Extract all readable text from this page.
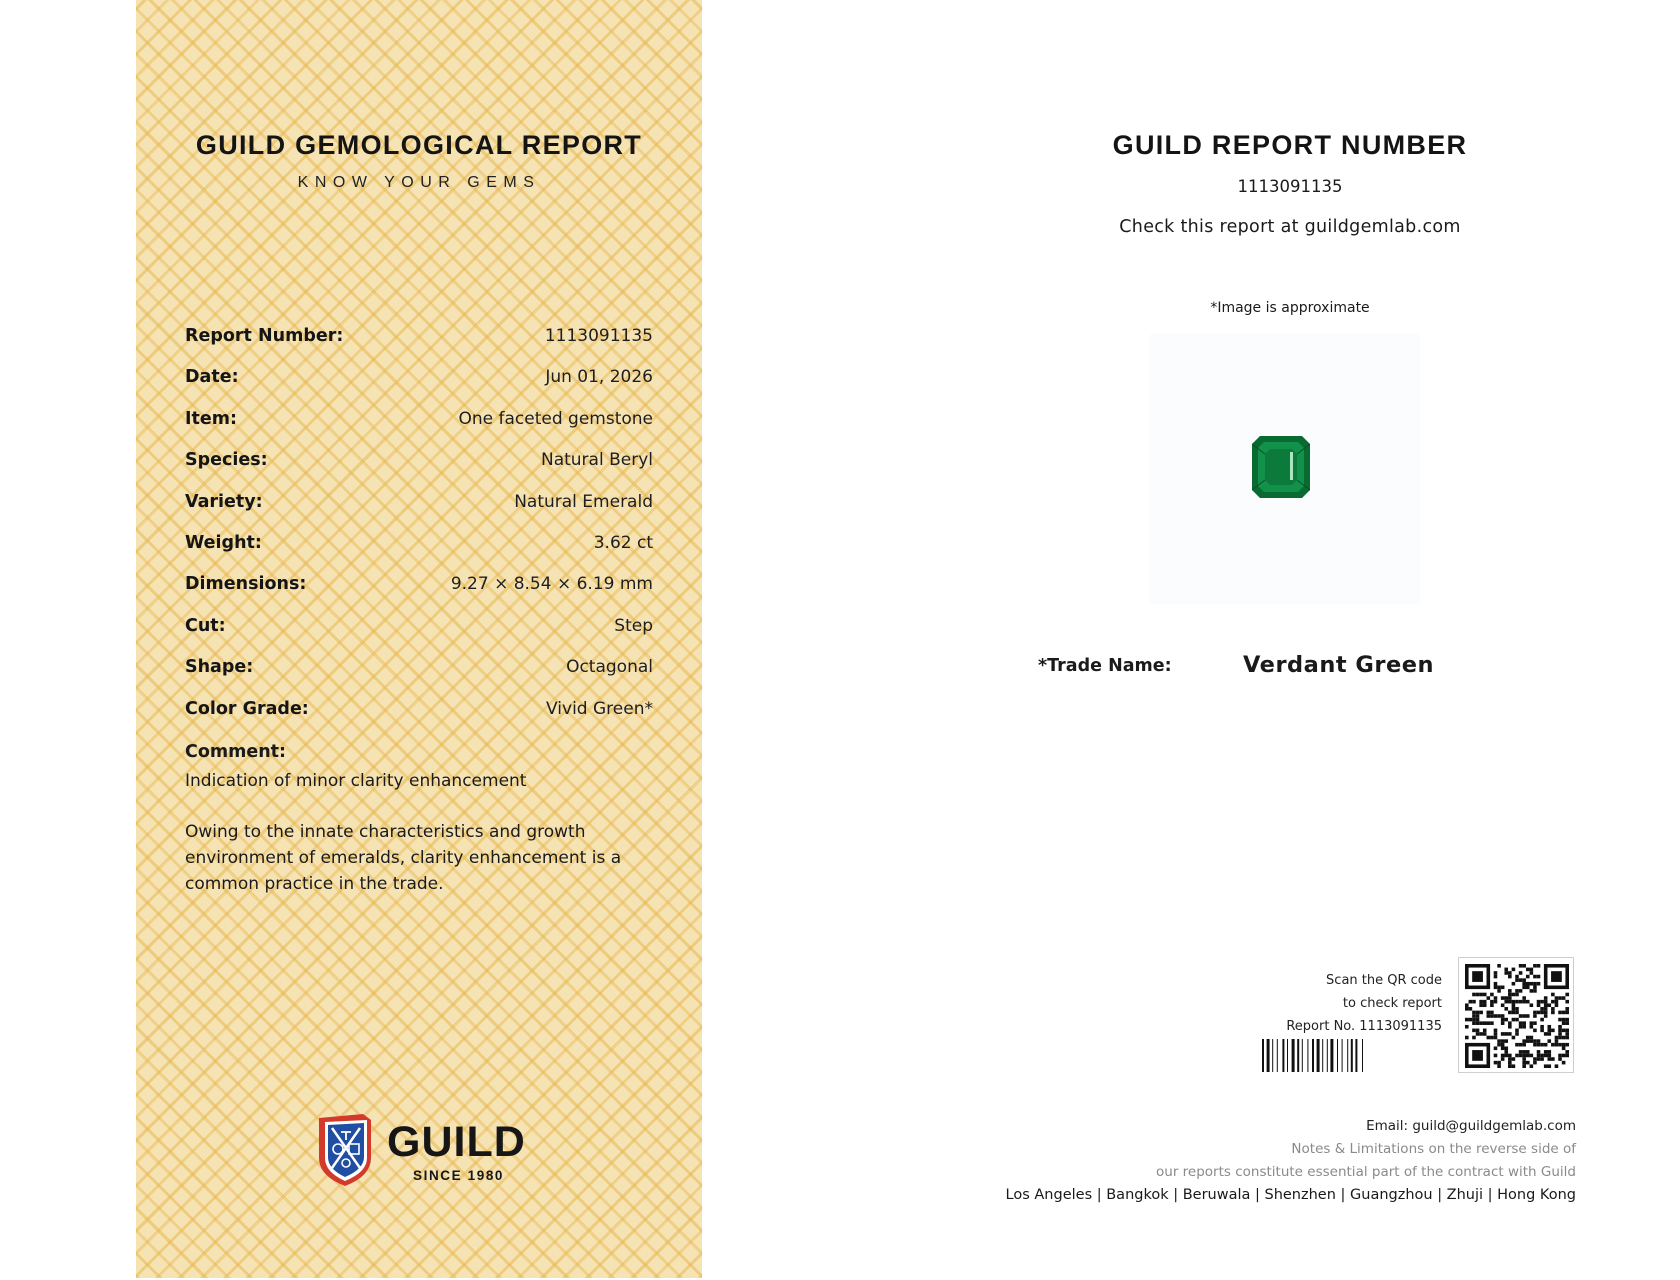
GUILD GEMOLOGICAL REPORT
KNOW YOUR GEMS
Report Number:	1113091135
Date:	Jun 01, 2026
Item:	One faceted gemstone
Species:	Natural Beryl
Variety:	Natural Emerald
Weight:	3.62 ct
Dimensions:	9.27 × 8.54 × 6.19 mm
Cut:	Step
Shape:	Octagonal
Color Grade:	Vivid Green*
Comment:
Indication of minor clarity enhancement
Owing to the innate characteristics and growth environment of emeralds, clarity enhancement is a common practice in the trade.
GUILD
SINCE 1980
GUILD REPORT NUMBER
1113091135
Check this report at guildgemlab.com
*Image is approximate
*Trade Name:	Verdant Green
Scan the QR code
to check report
Report No. 1113091135
Email: guild@guildgemlab.com
Notes & Limitations on the reverse side of
our reports constitute essential part of the contract with Guild
Los Angeles | Bangkok | Beruwala | Shenzhen | Guangzhou | Zhuji | Hong Kong
